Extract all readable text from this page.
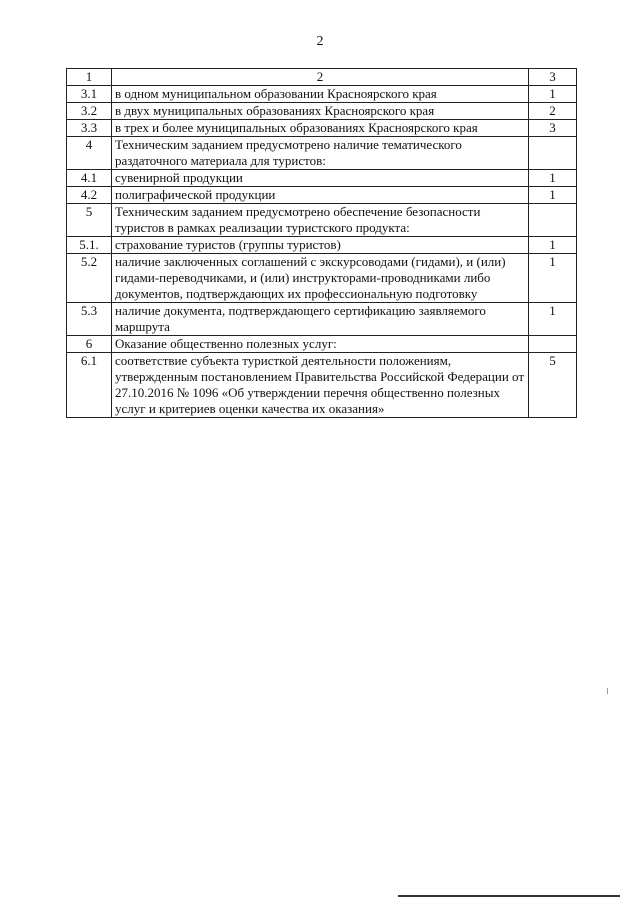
2
1	2	3
3.1	в одном муниципальном образовании Красноярского края	1
3.2	в двух муниципальных образованиях Красноярского края	2
3.3	в трех и более муниципальных образованиях Красноярского края	3
4	Техническим заданием предусмотрено наличие тематического раздаточного материала для туристов:	
4.1	сувенирной продукции	1
4.2	полиграфической продукции	1
5	Техническим заданием предусмотрено обеспечение безопасности туристов в рамках реализации туристского продукта:	
5.1.	страхование туристов (группы туристов)	1
5.2	наличие заключенных соглашений с экскурсоводами (гидами), и (или) гидами-переводчиками, и (или) инструкторами-проводниками либо документов, подтверждающих их профессиональную подготовку	1
5.3	наличие документа, подтверждающего сертификацию заявляемого маршрута	1
6	Оказание общественно полезных услуг:	
6.1	соответствие субъекта туристкой деятельности положениям, утвержденным постановлением Правительства Российской Федерации от 27.10.2016 № 1096 «Об утверждении перечня общественно полезных услуг и критериев оценки качества их оказания»	5
